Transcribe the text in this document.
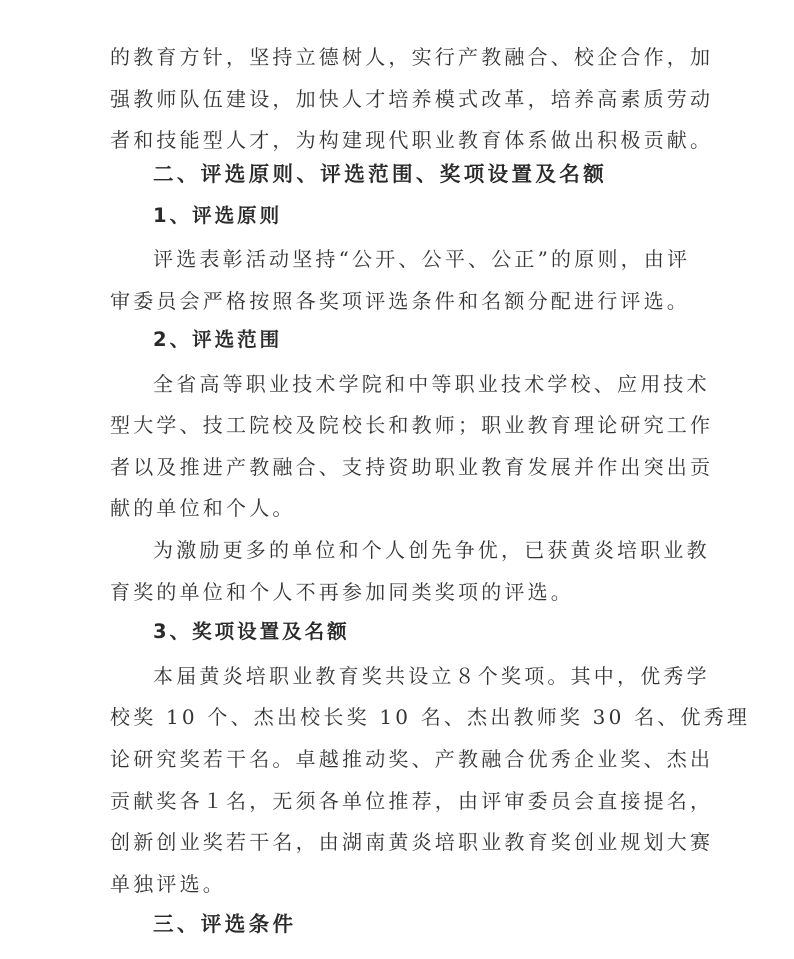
的教育方针，坚持立德树人，实行产教融合、校企合作，加
强教师队伍建设，加快人才培养模式改革，培养高素质劳动
者和技能型人才，为构建现代职业教育体系做出积极贡献。
二、评选原则、评选范围、奖项设置及名额
1、评选原则
评选表彰活动坚持“公开、公平、公正”的原则，由评
审委员会严格按照各奖项评选条件和名额分配进行评选。
2、评选范围
全省高等职业技术学院和中等职业技术学校、应用技术
型大学、技工院校及院校长和教师；职业教育理论研究工作
者以及推进产教融合、支持资助职业教育发展并作出突出贡
献的单位和个人。
为激励更多的单位和个人创先争优，已获黄炎培职业教
育奖的单位和个人不再参加同类奖项的评选。
3、奖项设置及名额
本届黄炎培职业教育奖共设立８个奖项。其中，优秀学
校奖 10 个、杰出校长奖 10 名、杰出教师奖 30 名、优秀理
论研究奖若干名。卓越推动奖、产教融合优秀企业奖、杰出
贡献奖各１名，无须各单位推荐，由评审委员会直接提名，
创新创业奖若干名，由湖南黄炎培职业教育奖创业规划大赛
单独评选。
三、评选条件
